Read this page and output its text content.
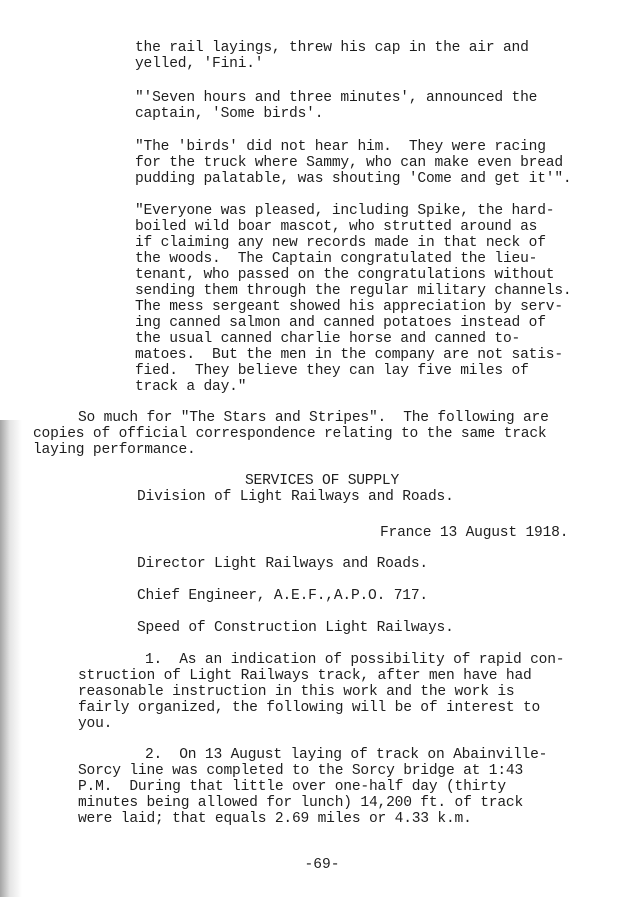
the rail layings, threw his cap in the air and
yelled, 'Fini.'
"'Seven hours and three minutes', announced the
captain, 'Some birds'.
"The 'birds' did not hear him.  They were racing
for the truck where Sammy, who can make even bread
pudding palatable, was shouting 'Come and get it'".
"Everyone was pleased, including Spike, the hard-
boiled wild boar mascot, who strutted around as
if claiming any new records made in that neck of
the woods.  The Captain congratulated the lieu-
tenant, who passed on the congratulations without
sending them through the regular military channels.
The mess sergeant showed his appreciation by serv-
ing canned salmon and canned potatoes instead of
the usual canned charlie horse and canned to-
matoes.  But the men in the company are not satis-
fied.  They believe they can lay five miles of
track a day."
So much for "The Stars and Stripes".  The following are
copies of official correspondence relating to the same track
laying performance.
SERVICES OF SUPPLY
Division of Light Railways and Roads.
France 13 August 1918.
Director Light Railways and Roads.
Chief Engineer, A.E.F.,A.P.O. 717.
Speed of Construction Light Railways.
1.  As an indication of possibility of rapid con-
struction of Light Railways track, after men have had
reasonable instruction in this work and the work is
fairly organized, the following will be of interest to
you.
2.  On 13 August laying of track on Abainville-
Sorcy line was completed to the Sorcy bridge at 1:43
P.M.  During that little over one-half day (thirty
minutes being allowed for lunch) 14,200 ft. of track
were laid; that equals 2.69 miles or 4.33 k.m.
-69-
